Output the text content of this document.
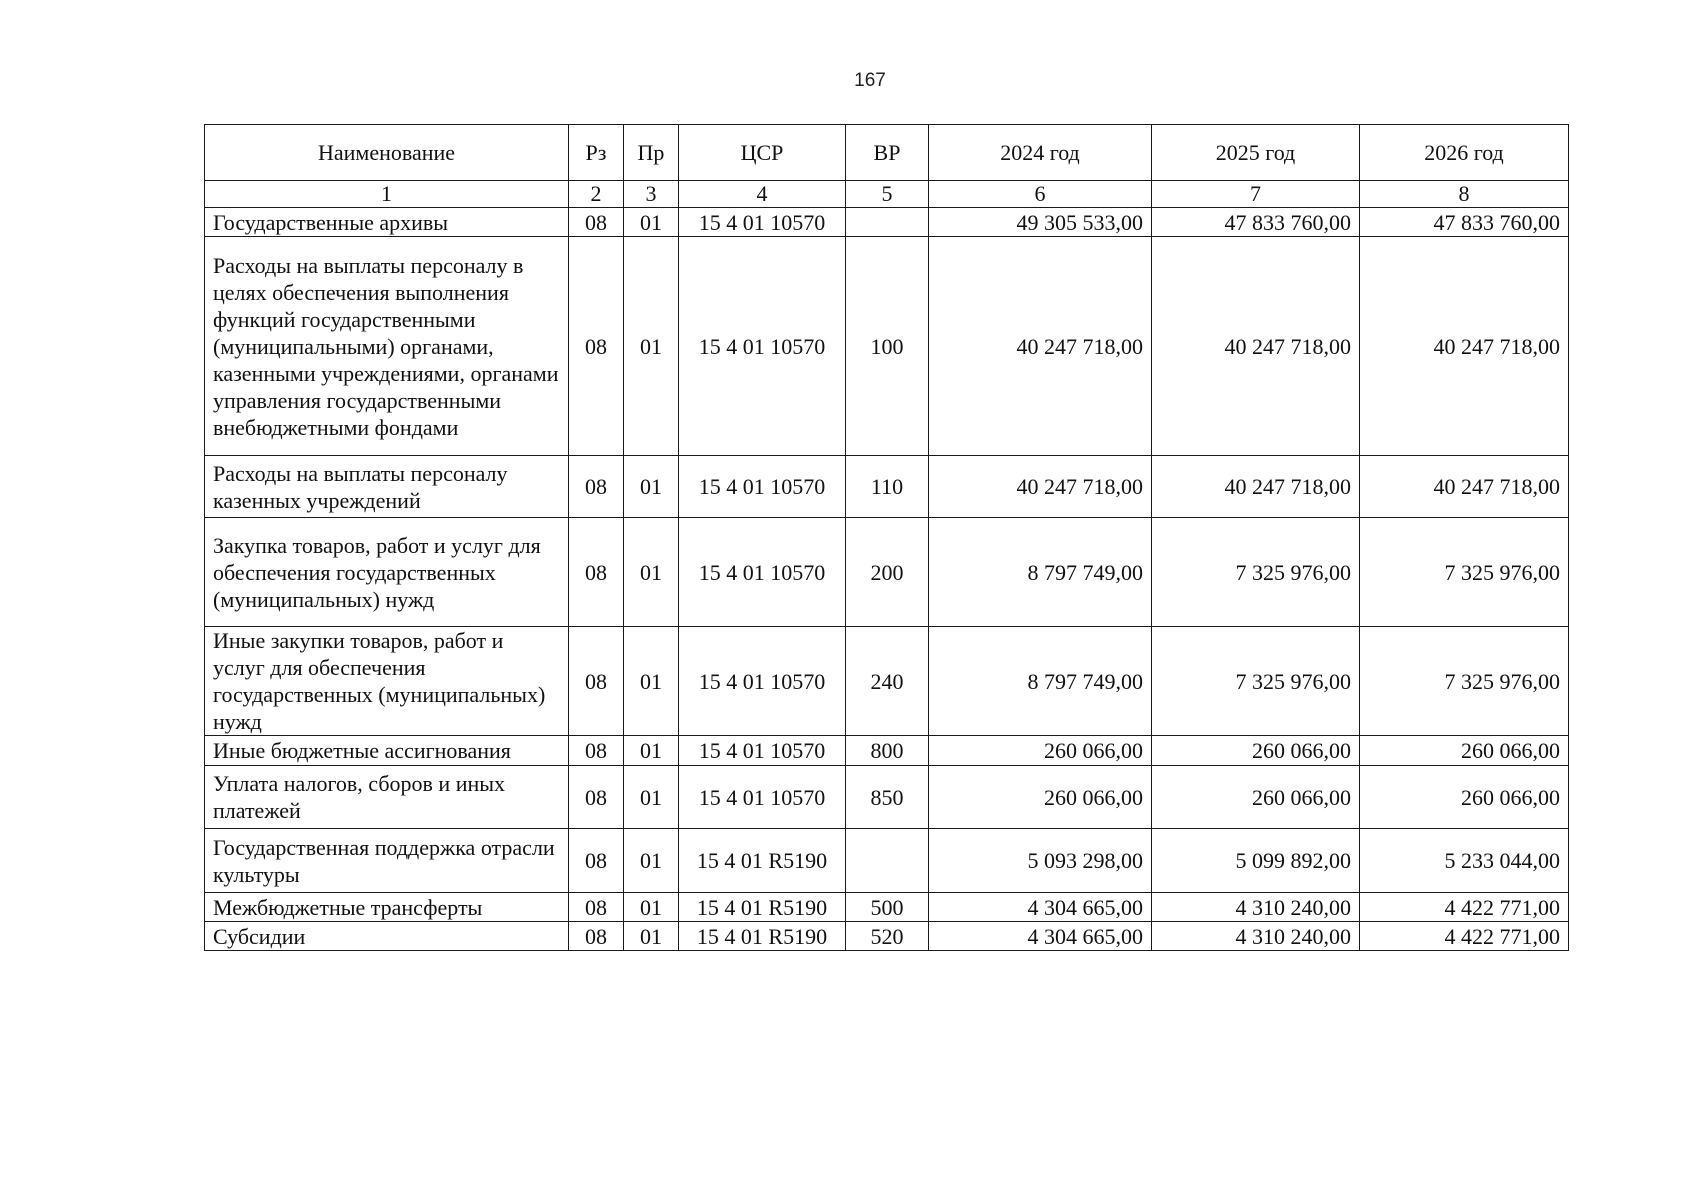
167
Наименование	Рз	Пр	ЦСР	ВР	2024 год	2025 год	2026 год
1	2	3	4	5	6	7	8
Государственные архивы	08	01	15 4 01 10570		49 305 533,00	47 833 760,00	47 833 760,00
Расходы на выплаты персоналу в целях обеспечения выполнения функций государственными (муниципальными) органами, казенными учреждениями, органами управления государственными внебюджетными фондами	08	01	15 4 01 10570	100	40 247 718,00	40 247 718,00	40 247 718,00
Расходы на выплаты персоналу казенных учреждений	08	01	15 4 01 10570	110	40 247 718,00	40 247 718,00	40 247 718,00
Закупка товаров, работ и услуг для обеспечения государственных (муниципальных) нужд	08	01	15 4 01 10570	200	8 797 749,00	7 325 976,00	7 325 976,00
Иные закупки товаров, работ и услуг для обеспечения государственных (муниципальных) нужд	08	01	15 4 01 10570	240	8 797 749,00	7 325 976,00	7 325 976,00
Иные бюджетные ассигнования	08	01	15 4 01 10570	800	260 066,00	260 066,00	260 066,00
Уплата налогов, сборов и иных платежей	08	01	15 4 01 10570	850	260 066,00	260 066,00	260 066,00
Государственная поддержка отрасли культуры	08	01	15 4 01 R5190		5 093 298,00	5 099 892,00	5 233 044,00
Межбюджетные трансферты	08	01	15 4 01 R5190	500	4 304 665,00	4 310 240,00	4 422 771,00
Субсидии	08	01	15 4 01 R5190	520	4 304 665,00	4 310 240,00	4 422 771,00
